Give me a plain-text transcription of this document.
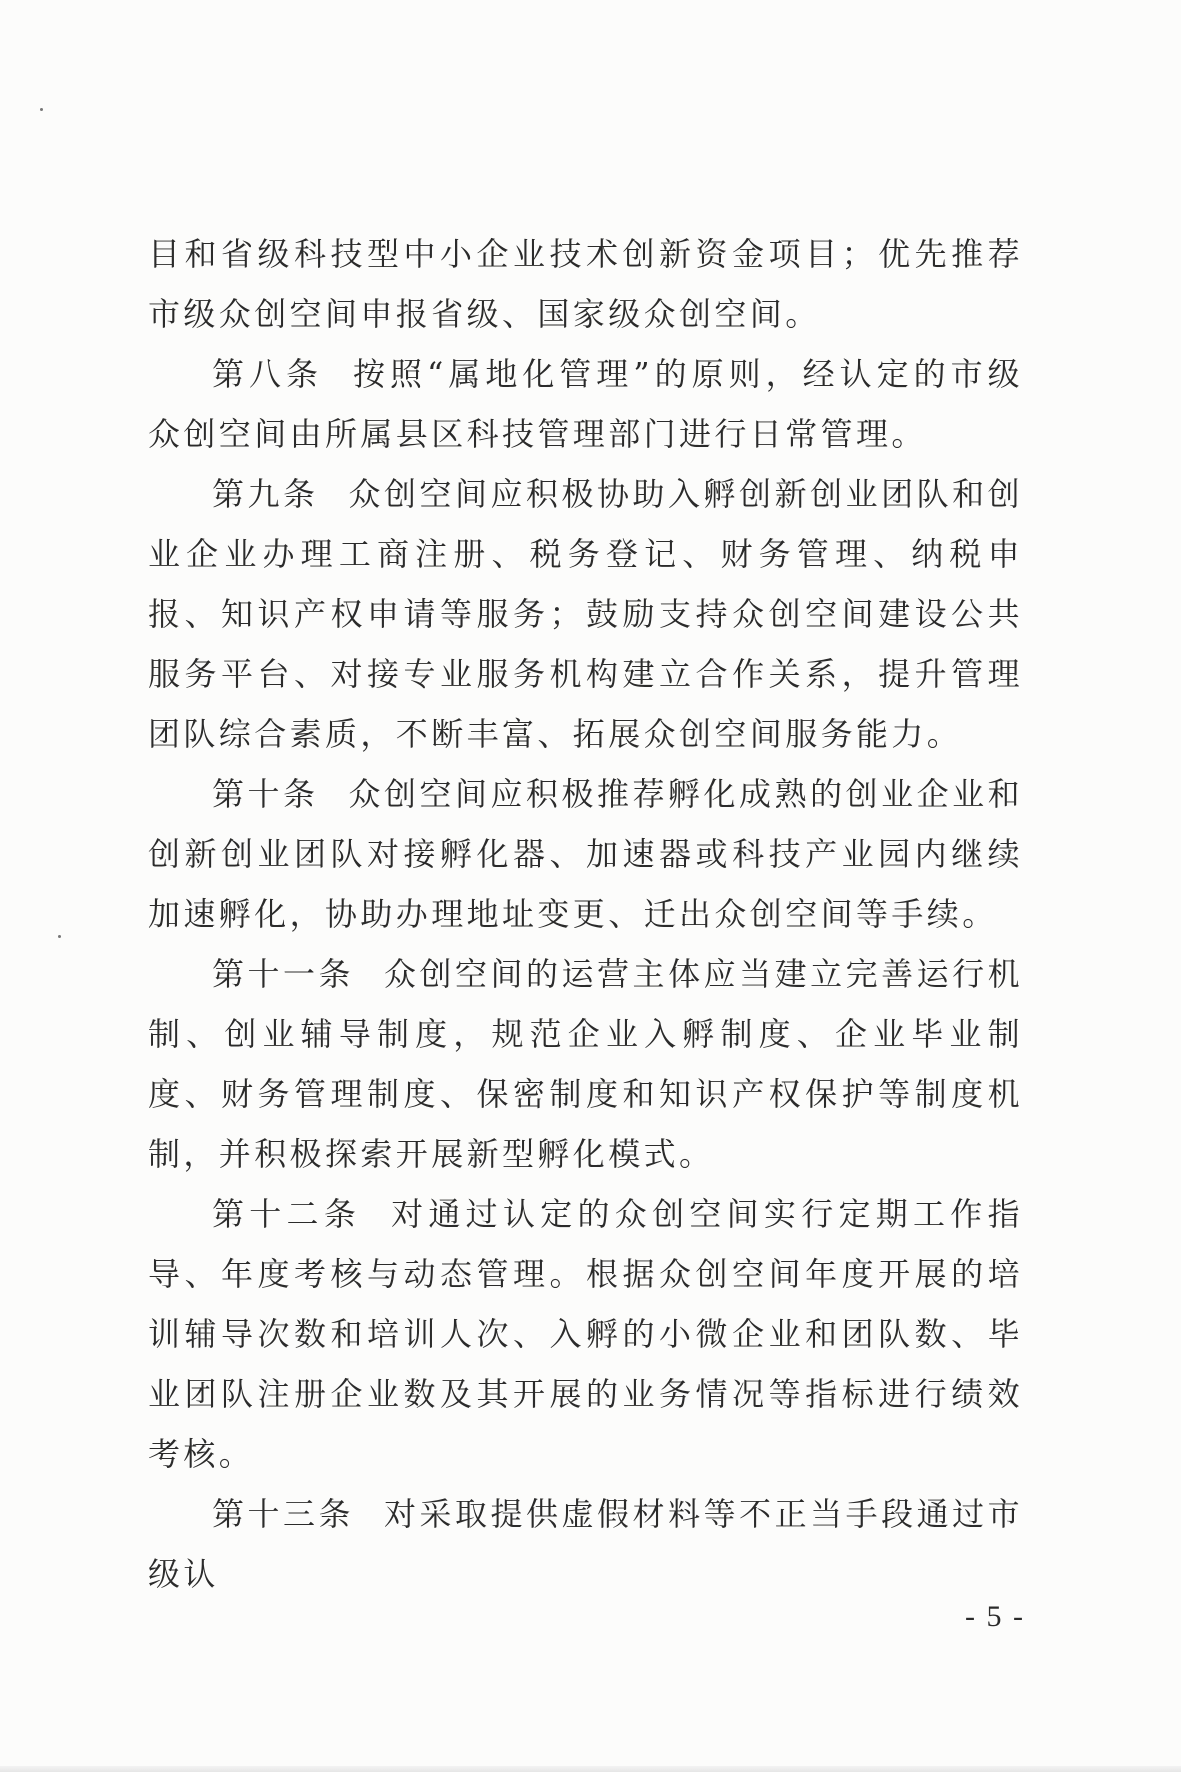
目和省级科技型中小企业技术创新资金项目；优先推荐市级众创空间申报省级、国家级众创空间。

第八条 按照“属地化管理”的原则，经认定的市级众创空间由所属县区科技管理部门进行日常管理。

第九条 众创空间应积极协助入孵创新创业团队和创业企业办理工商注册、税务登记、财务管理、纳税申报、知识产权申请等服务；鼓励支持众创空间建设公共服务平台、对接专业服务机构建立合作关系，提升管理团队综合素质，不断丰富、拓展众创空间服务能力。

第十条 众创空间应积极推荐孵化成熟的创业企业和创新创业团队对接孵化器、加速器或科技产业园内继续加速孵化，协助办理地址变更、迁出众创空间等手续。

第十一条 众创空间的运营主体应当建立完善运行机制、创业辅导制度，规范企业入孵制度、企业毕业制度、财务管理制度、保密制度和知识产权保护等制度机制，并积极探索开展新型孵化模式。

第十二条 对通过认定的众创空间实行定期工作指导、年度考核与动态管理。根据众创空间年度开展的培训辅导次数和培训人次、入孵的小微企业和团队数、毕业团队注册企业数及其开展的业务情况等指标进行绩效考核。

第十三条 对采取提供虚假材料等不正当手段通过市级认

- 5 -
